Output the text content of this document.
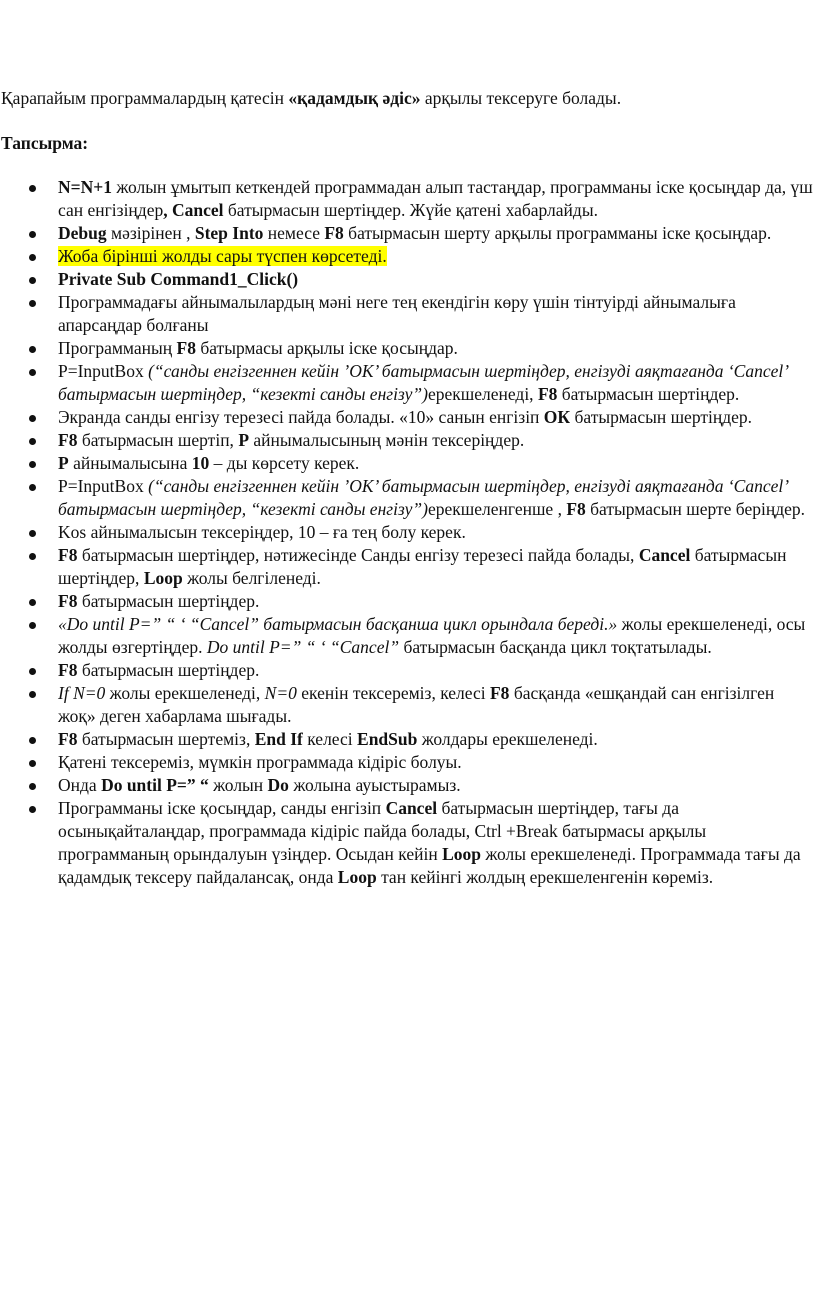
Қарапайым программалардың қатесін «қадамдық әдіс» арқылы тексеруге болады.
Тапсырма:
N=N+1 жолын ұмытып кеткендей программадан алып тастаңдар, программаны іске қосыңдар да, үш сан енгізіңдер, Cancel батырмасын шертіңдер. Жүйе қатені хабарлайды.
Debug мәзірінен , Step Into немесе F8 батырмасын шерту арқылы программаны іске қосыңдар.
Жоба бірінші жолды сары түспен көрсетеді.
Private Sub Command1_Click()
Программадағы айнымалылардың мәні неге тең екендігін көру үшін тінтуірді айнымалыға апарсаңдар болғаны
Программаның F8 батырмасы арқылы іске қосыңдар.
P=InputBox (“санды енгізгеннен кейін ’ОК’ батырмасын шертіңдер, енгізуді аяқтағанда ‘Cancel’ батырмасын шертіңдер, “кезекті санды енгізу”)ерекшеленеді, F8 батырмасын шертіңдер.
Экранда санды енгізу терезесі пайда болады. «10» санын енгізіп ОК батырмасын шертіңдер.
F8 батырмасын шертіп, Р айнымалысының мәнін тексеріңдер.
Р айнымалысына 10 – ды көрсету керек.
P=InputBox (“санды енгізгеннен кейін ’ОК’ батырмасын шертіңдер, енгізуді аяқтағанда ‘Cancel’ батырмасын шертіңдер, “кезекті санды енгізу”)ерекшеленгенше , F8 батырмасын шерте беріңдер.
Kos айнымалысын тексеріңдер, 10 – ға тең болу керек.
F8 батырмасын шертіңдер, нәтижесінде Санды енгізу терезесі пайда болады, Cancel батырмасын шертіңдер, Loop жолы белгіленеді.
F8 батырмасын шертіңдер.
«Do until P=” “ ‘ “Cancel” батырмасын басқанша цикл орындала береді.» жолы ерекшеленеді, осы жолды өзгертіңдер. Do until P=” “ ‘ “Cancel” батырмасын басқанда цикл тоқтатылады.
F8 батырмасын шертіңдер.
If N=0 жолы ерекшеленеді, N=0 екенін тексереміз, келесі F8 басқанда «ешқандай сан енгізілген жоқ» деген хабарлама шығады.
F8 батырмасын шертеміз, End If келесі EndSub жолдары ерекшеленеді.
Қатені тексереміз, мүмкін программада кідіріс болуы.
Онда Do until P=” “ жолын Do жолына ауыстырамыз.
Программаны іске қосыңдар, санды енгізіп Cancel батырмасын шертіңдер, тағы да осынықайталаңдар, программада кідіріс пайда болады, Ctrl +Break батырмасы арқылы программаның орындалуын үзіңдер. Осыдан кейін Loop жолы ерекшеленеді. Программада тағы да қадамдық тексеру пайдалансақ, онда Loop тан кейінгі жолдың ерекшеленгенін көреміз.
